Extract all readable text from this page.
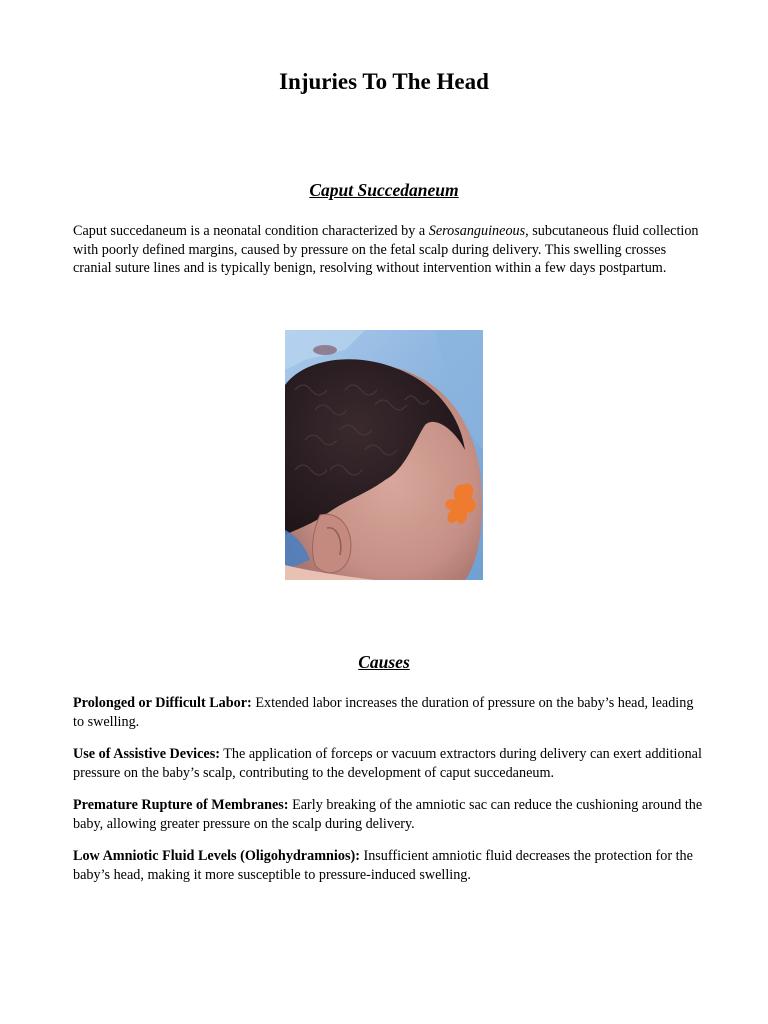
Injuries To The Head
Caput Succedaneum

Caput succedaneum is a neonatal condition characterized by a Serosanguineous, subcutaneous fluid collection with poorly defined margins, caused by pressure on the fetal scalp during delivery. This swelling crosses cranial suture lines and is typically benign, resolving without intervention within a few days postpartum.

Causes

Prolonged or Difficult Labor: Extended labor increases the duration of pressure on the baby’s head, leading to swelling.

Use of Assistive Devices: The application of forceps or vacuum extractors during delivery can exert additional pressure on the baby’s scalp, contributing to the development of caput succedaneum.

Premature Rupture of Membranes: Early breaking of the amniotic sac can reduce the cushioning around the baby, allowing greater pressure on the scalp during delivery.

Low Amniotic Fluid Levels (Oligohydramnios): Insufficient amniotic fluid decreases the protection for the baby’s head, making it more susceptible to pressure-induced swelling.
